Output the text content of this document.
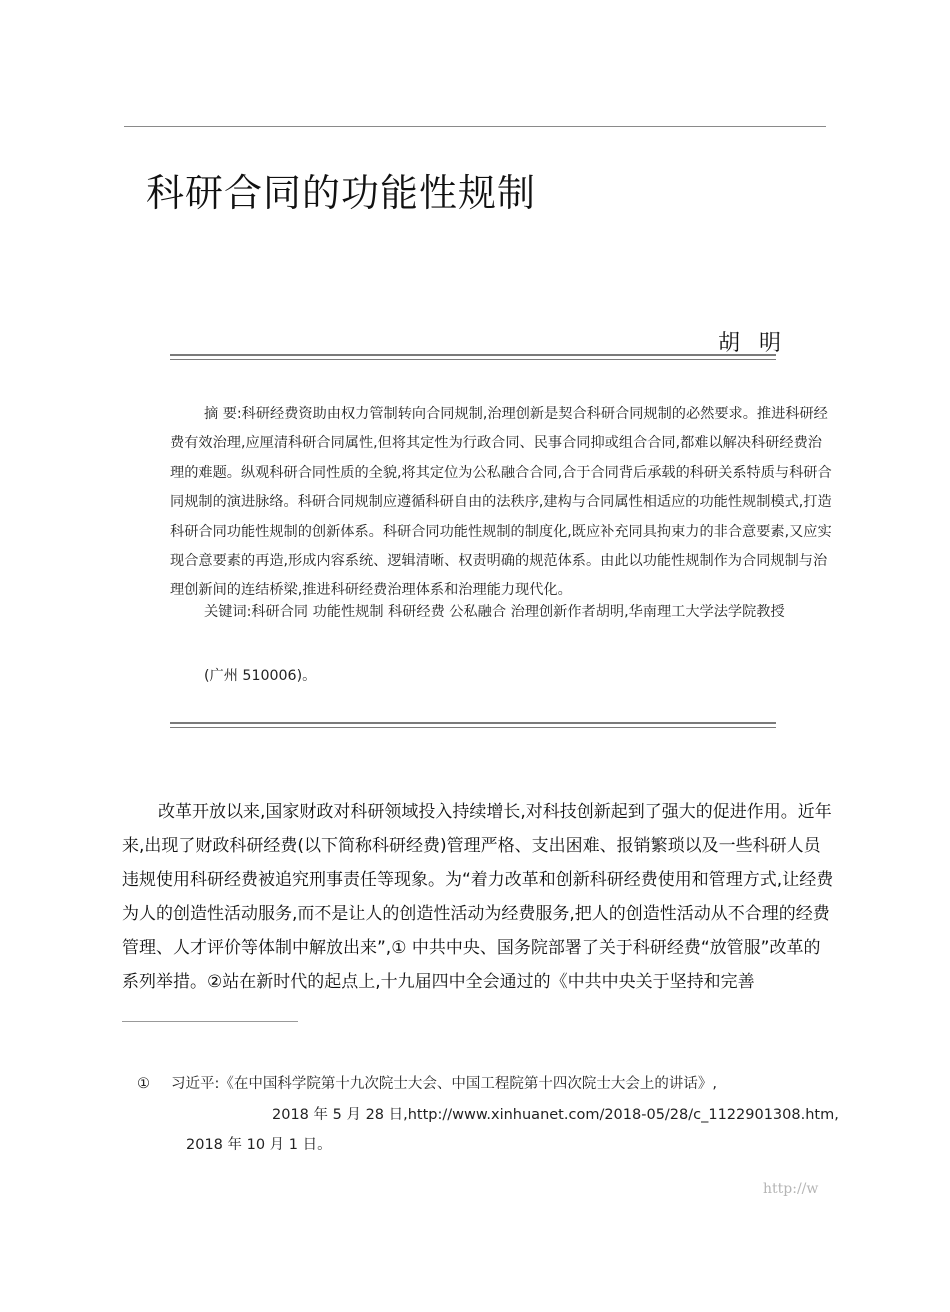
科研合同的功能性规制
胡 明

摘 要:科研经费资助由权力管制转向合同规制,治理创新是契合科研合同规制的必然要求。推进科研经费有效治理,应厘清科研合同属性,但将其定性为行政合同、民事合同抑或组合合同,都难以解决科研经费治理的难题。纵观科研合同性质的全貌,将其定位为公私融合合同,合于合同背后承载的科研关系特质与科研合同规制的演进脉络。科研合同规制应遵循科研自由的法秩序,建构与合同属性相适应的功能性规制模式,打造科研合同功能性规制的创新体系。科研合同功能性规制的制度化,既应补充同具拘束力的非合意要素,又应实现合意要素的再造,形成内容系统、逻辑清晰、权责明确的规范体系。由此以功能性规制作为合同规制与治理创新间的连结桥梁,推进科研经费治理体系和治理能力现代化。

关键词:科研合同 功能性规制 科研经费 公私融合 治理创新作者胡明,华南理工大学法学院教授
(广州 510006)。

改革开放以来,国家财政对科研领域投入持续增长,对科技创新起到了强大的促进作用。近年来,出现了财政科研经费(以下简称科研经费)管理严格、支出困难、报销繁琐以及一些科研人员违规使用科研经费被追究刑事责任等现象。为“着力改革和创新科研经费使用和管理方式,让经费为人的创造性活动服务,而不是让人的创造性活动为经费服务,把人的创造性活动从不合理的经费管理、人才评价等体制中解放出来”,① 中共中央、国务院部署了关于科研经费“放管服”改革的系列举措。②站在新时代的起点上,十九届四中全会通过的《中共中央关于坚持和完善

① 习近平:《在中国科学院第十九次院士大会、中国工程院第十四次院士大会上的讲话》,
2018 年 5 月 28 日,http://www.xinhuanet.com/2018-05/28/c_1122901308.htm,
2018 年 10 月 1 日。
http://w
